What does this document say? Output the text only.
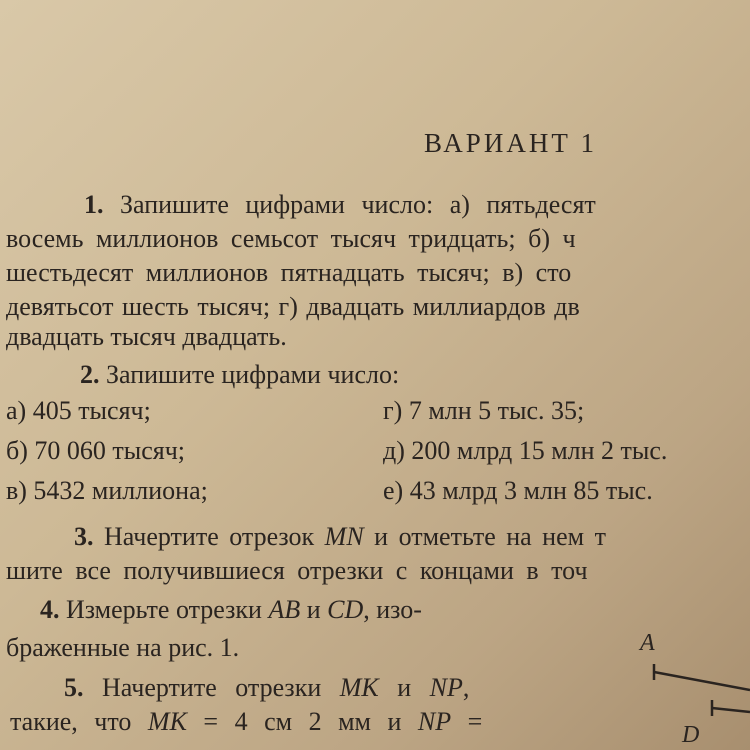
ВАРИАНТ 1
1. Запишите цифрами число: а) пятьдесят
восемь миллионов семьсот тысяч тридцать; б) ч
шестьдесят миллионов пятнадцать тысяч; в) сто
девятьсот шесть тысяч; г) двадцать миллиардов дв
двадцать тысяч двадцать.
2. Запишите цифрами число:
а) 405 тысяч;
б) 70 060 тысяч;
в) 5432 миллиона;
г) 7 млн 5 тыс. 35;
д) 200 млрд 15 млн 2 тыс.
е) 43 млрд 3 млн 85 тыс.
3. Начертите отрезок MN и отметьте на нем т
шите все получившиеся отрезки с концами в точ
4. Измерьте отрезки AB и CD, изо-
браженные на рис. 1.
5. Начертите отрезки MK и NP,
такие, что MK = 4 см 2 мм и NP =
A
D
